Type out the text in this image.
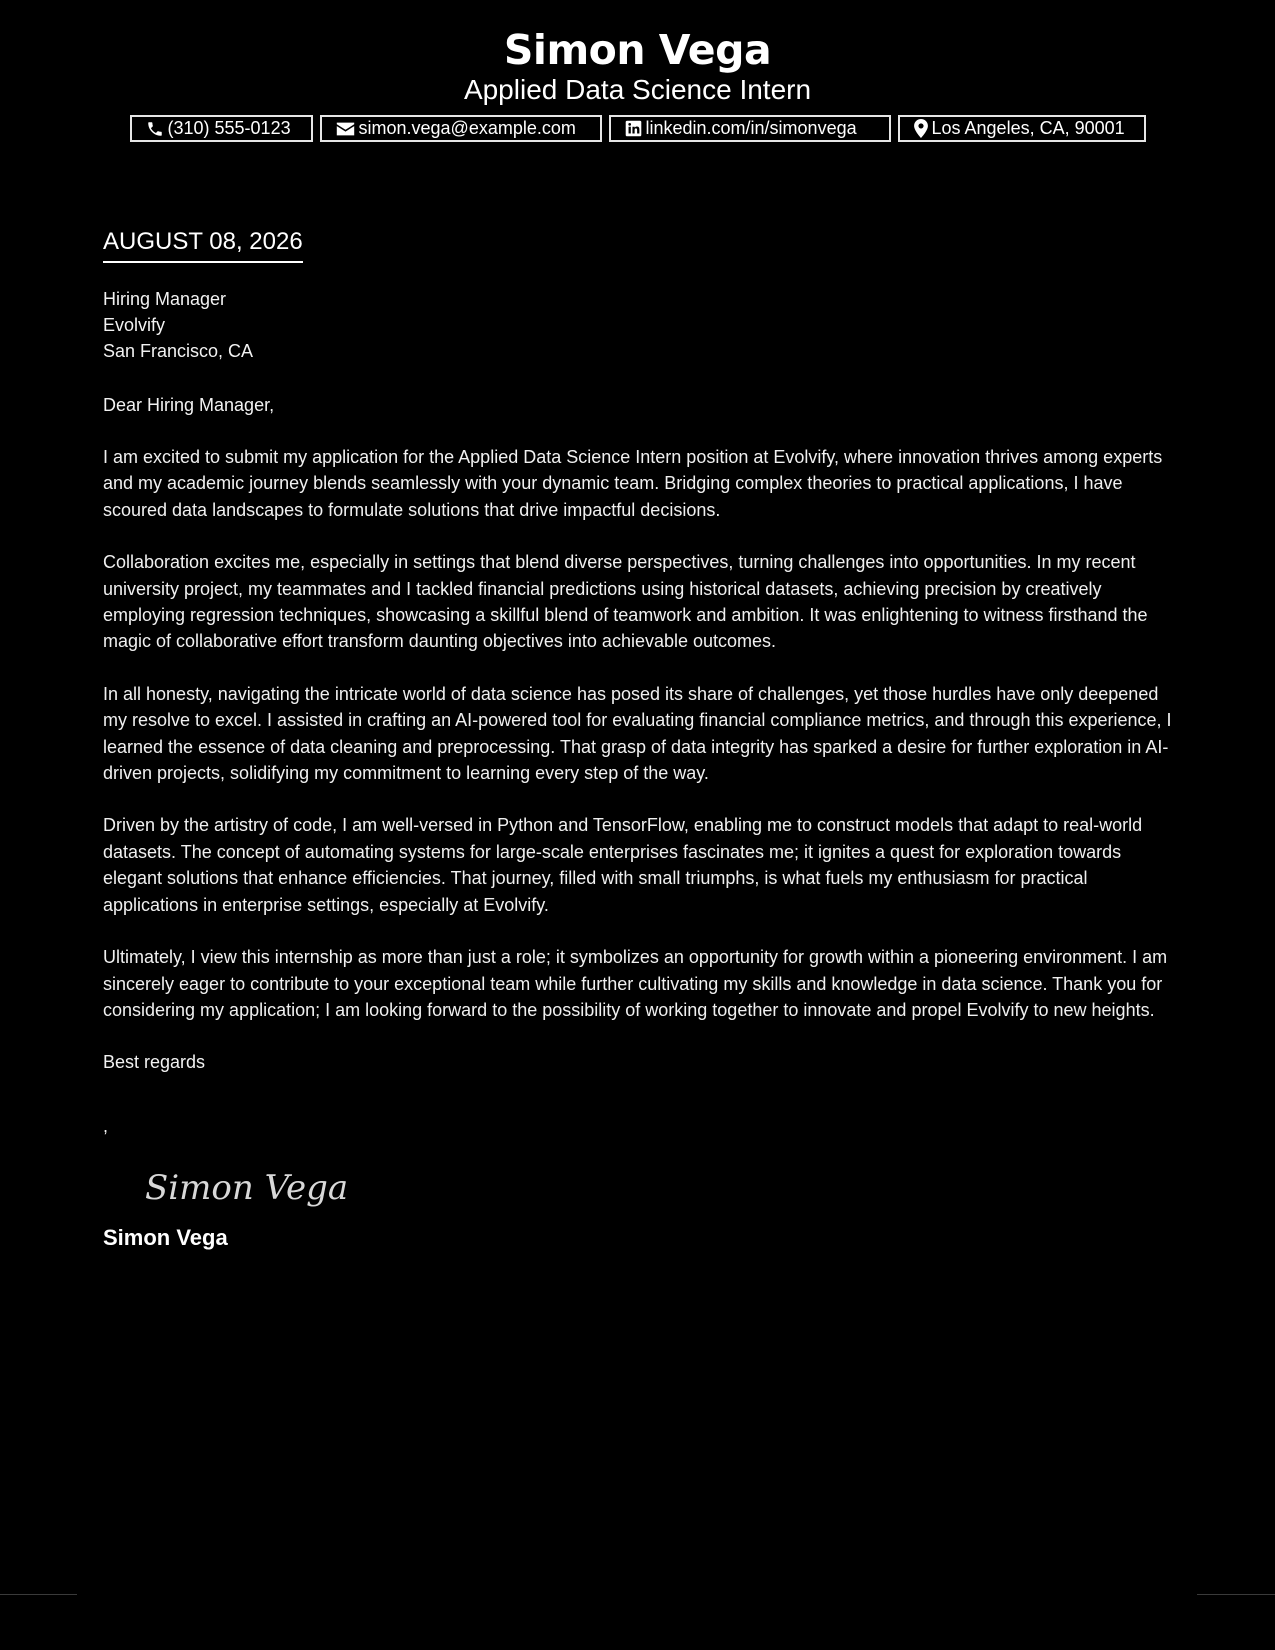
Simon Vega
Applied Data Science Intern
(310) 555-0123	simon.vega@example.com	linkedin.com/in/simonvega	Los Angeles, CA, 90001
AUGUST 08, 2026
Hiring Manager
Evolvify
San Francisco, CA
Dear Hiring Manager,
I am excited to submit my application for the Applied Data Science Intern position at Evolvify, where innovation thrives among experts and my academic journey blends seamlessly with your dynamic team. Bridging complex theories to practical applications, I have scoured data landscapes to formulate solutions that drive impactful decisions.
Collaboration excites me, especially in settings that blend diverse perspectives, turning challenges into opportunities. In my recent university project, my teammates and I tackled financial predictions using historical datasets, achieving precision by creatively employing regression techniques, showcasing a skillful blend of teamwork and ambition. It was enlightening to witness firsthand the magic of collaborative effort transform daunting objectives into achievable outcomes.
In all honesty, navigating the intricate world of data science has posed its share of challenges, yet those hurdles have only deepened my resolve to excel. I assisted in crafting an AI-powered tool for evaluating financial compliance metrics, and through this experience, I learned the essence of data cleaning and preprocessing. That grasp of data integrity has sparked a desire for further exploration in AI-driven projects, solidifying my commitment to learning every step of the way.
Driven by the artistry of code, I am well-versed in Python and TensorFlow, enabling me to construct models that adapt to real-world datasets. The concept of automating systems for large-scale enterprises fascinates me; it ignites a quest for exploration towards elegant solutions that enhance efficiencies. That journey, filled with small triumphs, is what fuels my enthusiasm for practical applications in enterprise settings, especially at Evolvify.
Ultimately, I view this internship as more than just a role; it symbolizes an opportunity for growth within a pioneering environment. I am sincerely eager to contribute to your exceptional team while further cultivating my skills and knowledge in data science. Thank you for considering my application; I am looking forward to the possibility of working together to innovate and propel Evolvify to new heights.
Best regards
,
Simon Vega
Simon Vega
